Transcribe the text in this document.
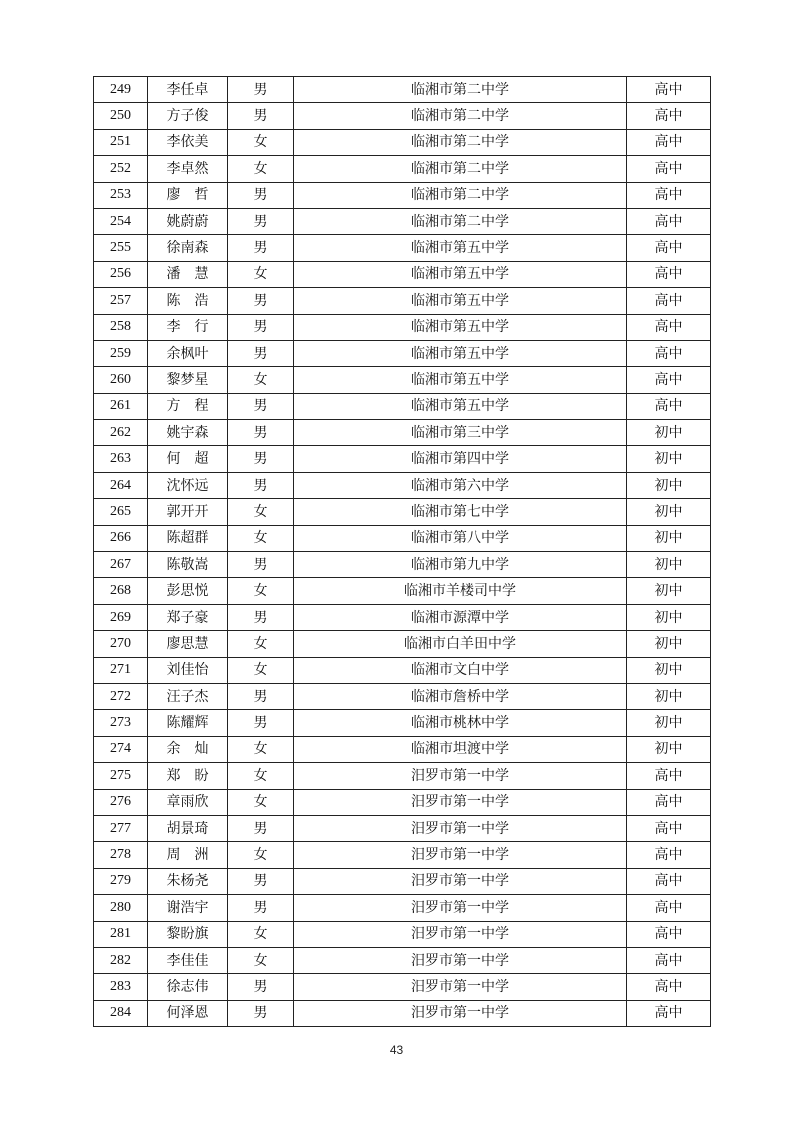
249	李任卓	男	临湘市第二中学	高中
250	方子俊	男	临湘市第二中学	高中
251	李依美	女	临湘市第二中学	高中
252	李卓然	女	临湘市第二中学	高中
253	廖　哲	男	临湘市第二中学	高中
254	姚蔚蔚	男	临湘市第二中学	高中
255	徐南森	男	临湘市第五中学	高中
256	潘　慧	女	临湘市第五中学	高中
257	陈　浩	男	临湘市第五中学	高中
258	李　行	男	临湘市第五中学	高中
259	余枫叶	男	临湘市第五中学	高中
260	黎梦星	女	临湘市第五中学	高中
261	方　程	男	临湘市第五中学	高中
262	姚宇森	男	临湘市第三中学	初中
263	何　超	男	临湘市第四中学	初中
264	沈怀远	男	临湘市第六中学	初中
265	郭开开	女	临湘市第七中学	初中
266	陈超群	女	临湘市第八中学	初中
267	陈敬嵩	男	临湘市第九中学	初中
268	彭思悦	女	临湘市羊楼司中学	初中
269	郑子豪	男	临湘市源潭中学	初中
270	廖思慧	女	临湘市白羊田中学	初中
271	刘佳怡	女	临湘市文白中学	初中
272	汪子杰	男	临湘市詹桥中学	初中
273	陈耀辉	男	临湘市桃林中学	初中
274	余　灿	女	临湘市坦渡中学	初中
275	郑　盼	女	汨罗市第一中学	高中
276	章雨欣	女	汨罗市第一中学	高中
277	胡景琦	男	汨罗市第一中学	高中
278	周　洲	女	汨罗市第一中学	高中
279	朱杨尧	男	汨罗市第一中学	高中
280	谢浩宇	男	汨罗市第一中学	高中
281	黎盼旗	女	汨罗市第一中学	高中
282	李佳佳	女	汨罗市第一中学	高中
283	徐志伟	男	汨罗市第一中学	高中
284	何泽恩	男	汨罗市第一中学	高中
43
